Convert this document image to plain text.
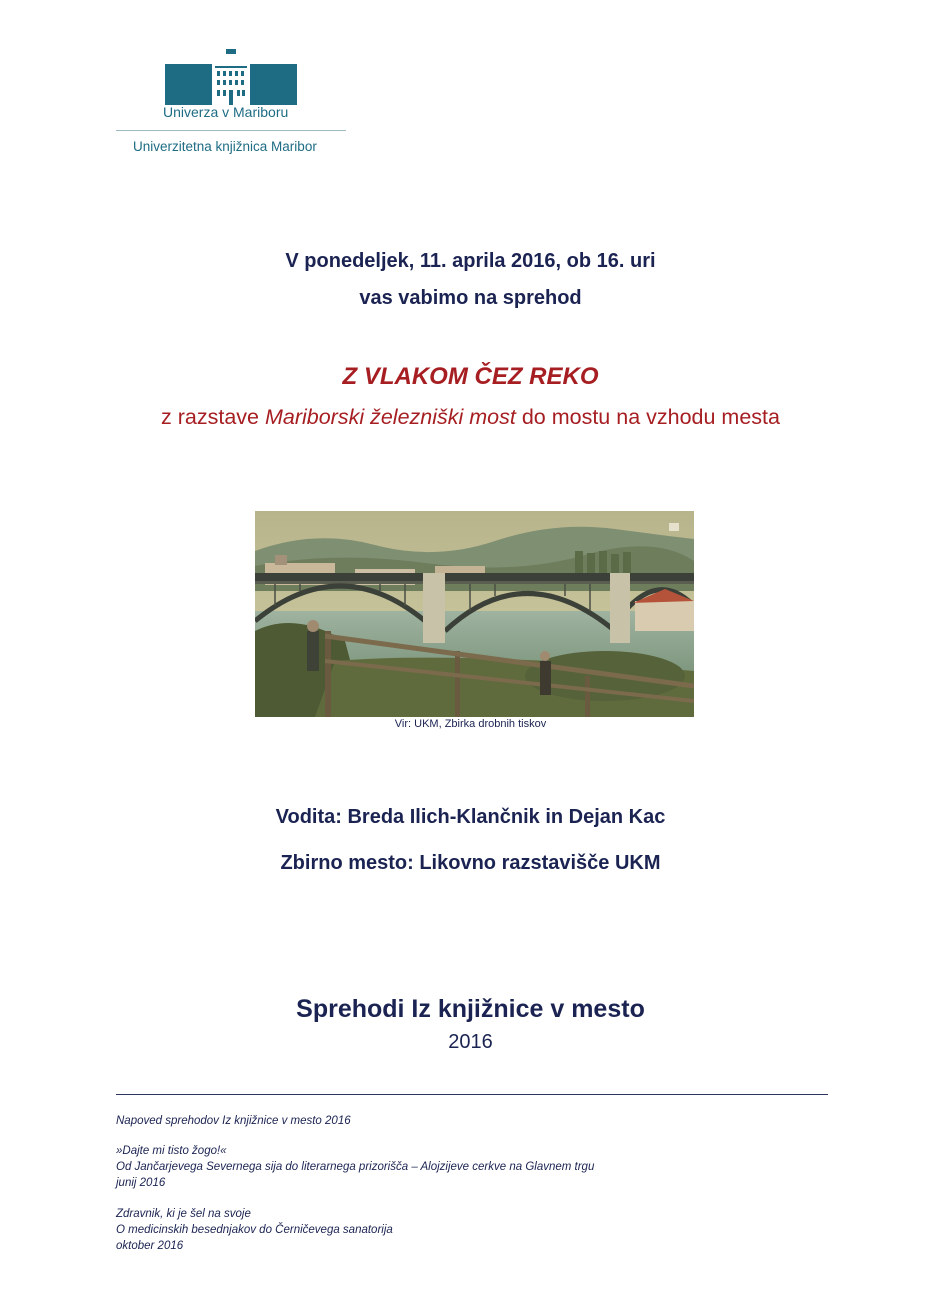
Univerza v Mariboru
Univerzitetna knjižnica Maribor
V ponedeljek, 11. aprila 2016, ob 16. uri
vas vabimo na sprehod
Z VLAKOM ČEZ REKO
z razstave Mariborski železniški most do mostu na vzhodu mesta
Vir: UKM, Zbirka drobnih tiskov
Vodita: Breda Ilich-Klančnik in Dejan Kac
Zbirno mesto: Likovno razstavišče UKM
Sprehodi Iz knjižnice v mesto
2016
Napoved sprehodov Iz knjižnice v mesto 2016
»Dajte mi tisto žogo!«
Od Jančarjevega Severnega sija do literarnega prizorišča – Alojzijeve cerkve na Glavnem trgu
junij 2016
Zdravnik, ki je šel na svoje
O medicinskih besednjakov do Černičevega sanatorija
oktober 2016
